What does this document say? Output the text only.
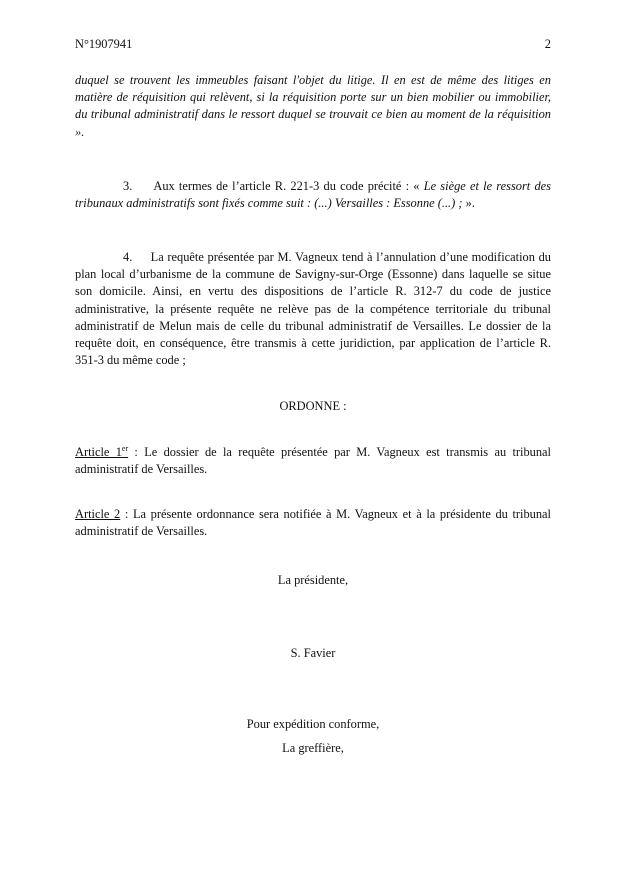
N°1907941	2

duquel se trouvent les immeubles faisant l'objet du litige. Il en est de même des litiges en matière de réquisition qui relèvent, si la réquisition porte sur un bien mobilier ou immobilier, du tribunal administratif dans le ressort duquel se trouvait ce bien au moment de la réquisition ».

3. Aux termes de l’article R. 221-3 du code précité : « Le siège et le ressort des tribunaux administratifs sont fixés comme suit : (...) Versailles : Essonne (...) ; ».

4. La requête présentée par M. Vagneux tend à l’annulation d’une modification du plan local d’urbanisme de la commune de Savigny-sur-Orge (Essonne) dans laquelle se situe son domicile. Ainsi, en vertu des dispositions de l’article R. 312-7 du code de justice administrative, la présente requête ne relève pas de la compétence territoriale du tribunal administratif de Melun mais de celle du tribunal administratif de Versailles. Le dossier de la requête doit, en conséquence, être transmis à cette juridiction, par application de l’article R. 351-3 du même code ;

ORDONNE :

Article 1er : Le dossier de la requête présentée par M. Vagneux est transmis au tribunal administratif de Versailles.

Article 2 : La présente ordonnance sera notifiée à M. Vagneux et à la présidente du tribunal administratif de Versailles.

La présidente,
S. Favier
Pour expédition conforme,
La greffière,
